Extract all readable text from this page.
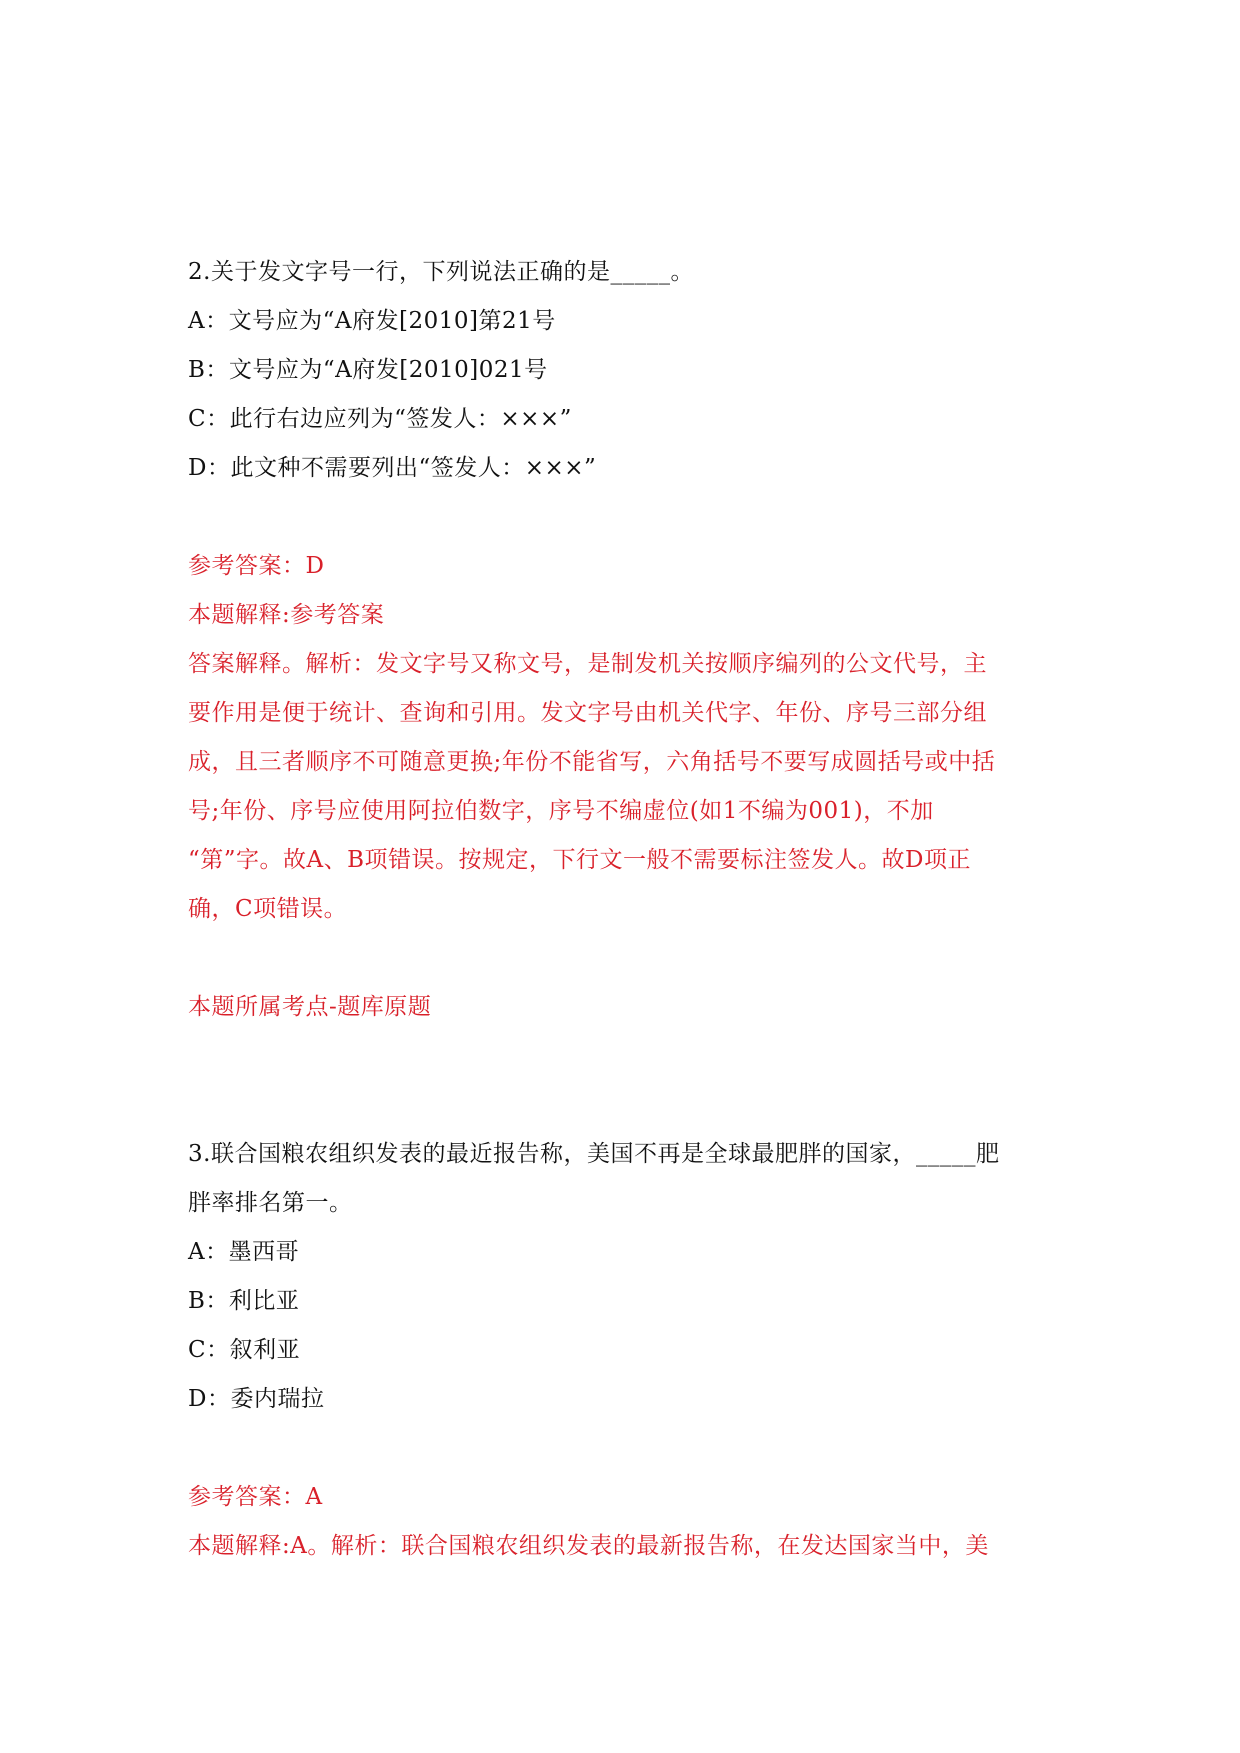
2.关于发文字号一行，下列说法正确的是_____。
A：文号应为“A府发[2010]第21号
B：文号应为“A府发[2010]021号
C：此行右边应列为“签发人：×××”
D：此文种不需要列出“签发人：×××”
参考答案：D
本题解释:参考答案
答案解释。解析：发文字号又称文号，是制发机关按顺序编列的公文代号，主
要作用是便于统计、查询和引用。发文字号由机关代字、年份、序号三部分组
成，且三者顺序不可随意更换;年份不能省写，六角括号不要写成圆括号或中括
号;年份、序号应使用阿拉伯数字，序号不编虚位(如1不编为001)，不加
“第”字。故A、B项错误。按规定，下行文一般不需要标注签发人。故D项正
确，C项错误。
本题所属考点-题库原题
3.联合国粮农组织发表的最近报告称，美国不再是全球最肥胖的国家，_____肥
胖率排名第一。
A：墨西哥
B：利比亚
C：叙利亚
D：委内瑞拉
参考答案：A
本题解释:A。解析：联合国粮农组织发表的最新报告称，在发达国家当中，美
